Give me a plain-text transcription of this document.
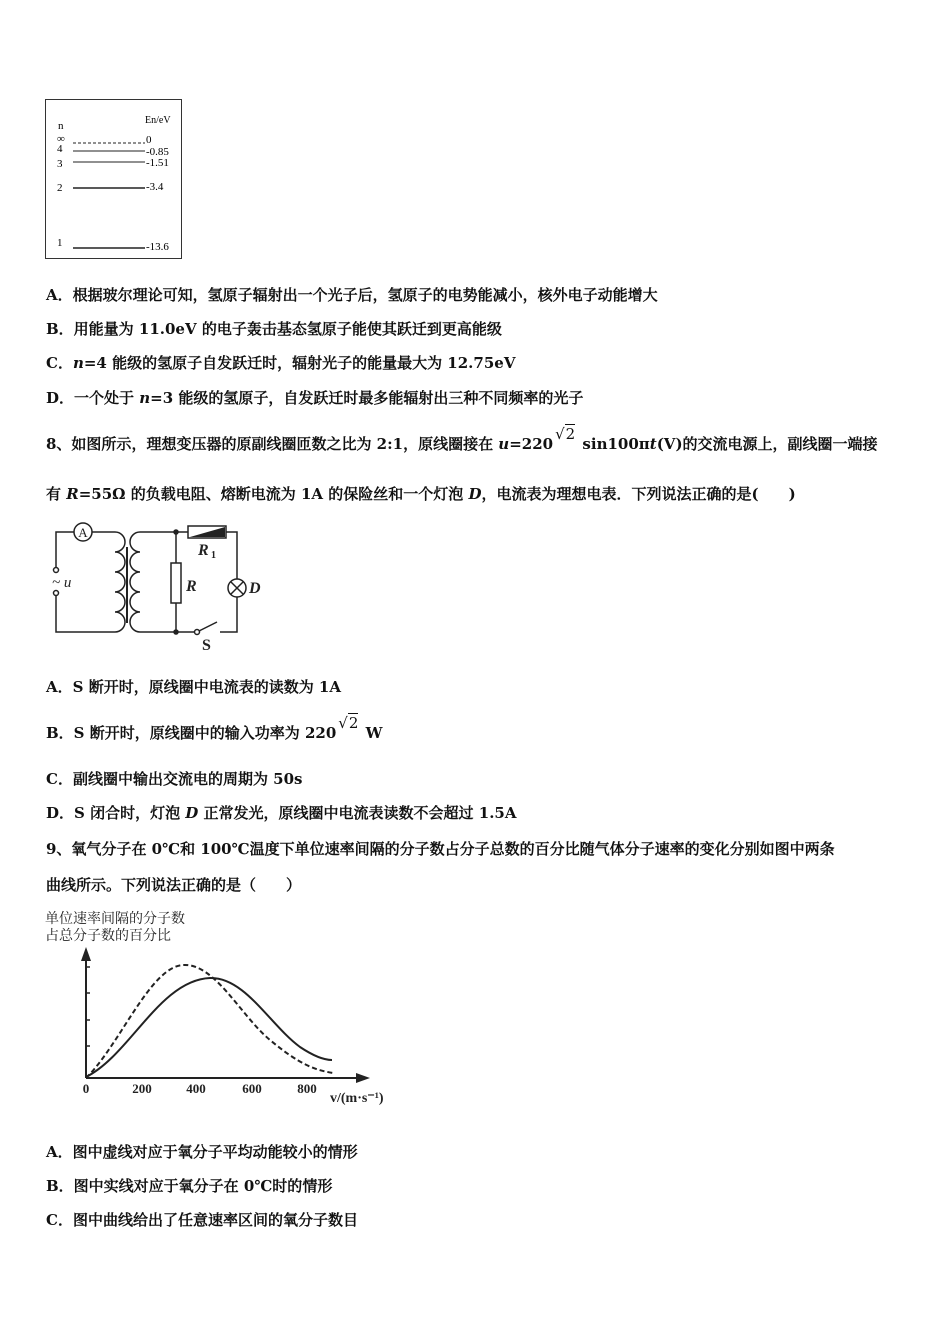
n	En/eV
∞	0
4	-0.85
3	-1.51
2	-3.4
1	-13.6
A．根据玻尔理论可知，氢原子辐射出一个光子后，氢原子的电势能减小，核外电子动能增大
B．用能量为 11.0eV 的电子轰击基态氢原子能使其跃迁到更高能级
C．n=4 能级的氢原子自发跃迁时，辐射光子的能量最大为 12.75eV
D．一个处于 n=3 能级的氢原子，自发跃迁时最多能辐射出三种不同频率的光子
8、如图所示，理想变压器的原副线圈匝数之比为 2:1，原线圈接在 u=220√ 2 sin100πt(V)的交流电源上，副线圈一端接
有 R=55Ω 的负载电阻、熔断电流为 1A 的保险丝和一个灯泡 D，电流表为理想电表．下列说法正确的是(　　)
A
~ u
R 1
R	D
S
A．S 断开时，原线圈中电流表的读数为 1A
B．S 断开时，原线圈中的输入功率为 220√ 2 W
C．副线圈中输出交流电的周期为 50s
D．S 闭合时，灯泡 D 正常发光，原线圈中电流表读数不会超过 1.5A
9、氧气分子在 0℃和 100℃温度下单位速率间隔的分子数占分子总数的百分比随气体分子速率的变化分别如图中两条
曲线所示。下列说法正确的是（　　）
单位速率间隔的分子数
占总分子数的百分比
0	200	400	600	800
v/(m·s⁻¹)
A．图中虚线对应于氧分子平均动能较小的情形
B．图中实线对应于氧分子在 0℃时的情形
C．图中曲线给出了任意速率区间的氧分子数目
